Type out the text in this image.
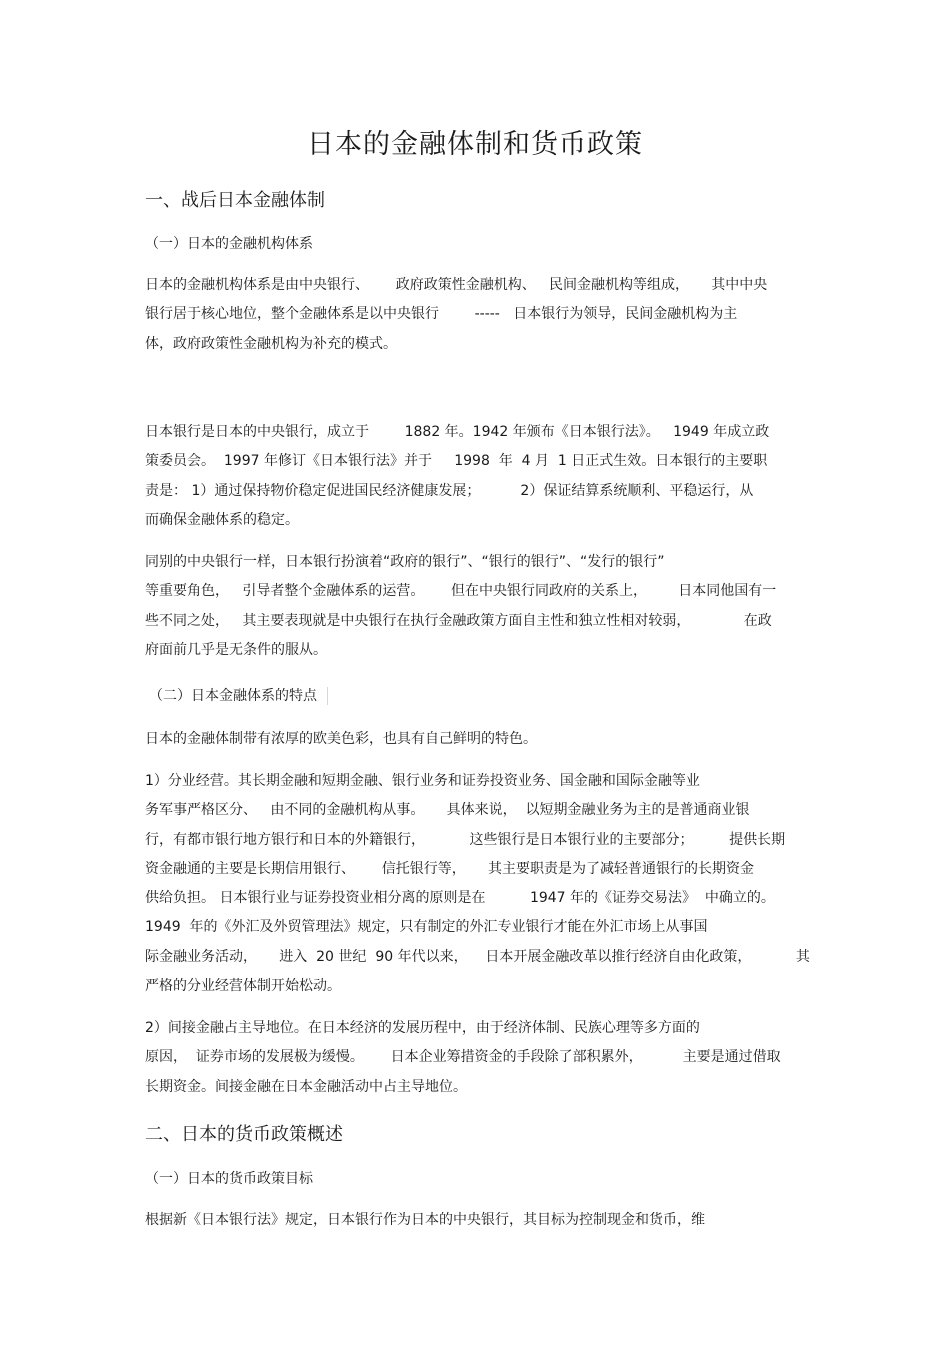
日本的金融体制和货币政策
一、战后日本金融体制
（一）日本的金融机构体系
日本的金融机构体系是由中央银行、      政府政策性金融机构、   民间金融机构等组成，     其中中央
银行居于核心地位，整个金融体系是以中央银行        -----   日本银行为领导，民间金融机构为主
体，政府政策性金融机构为补充的模式。
日本银行是日本的中央银行，成立于        1882 年。1942 年颁布《日本银行法》。   1949 年成立政
策委员会。  1997 年修订《日本银行法》并于     1998  年  4 月  1 日正式生效。日本银行的主要职
责是： 1）通过保持物价稳定促进国民经济健康发展；         2）保证结算系统顺利、平稳运行，从
而确保金融体系的稳定。
同别的中央银行一样，日本银行扮演着“政府的银行”、“银行的银行”、“发行的银行”
等重要角色，   引导者整个金融体系的运营。      但在中央银行同政府的关系上，       日本同他国有一
些不同之处，   其主要表现就是中央银行在执行金融政策方面自主性和独立性相对较弱，            在政
府面前几乎是无条件的服从。
（二）日本金融体系的特点
日本的金融体制带有浓厚的欧美色彩，也具有自己鲜明的特色。
1）分业经营。其长期金融和短期金融、银行业务和证券投资业务、国金融和国际金融等业
务军事严格区分、   由不同的金融机构从事。     具体来说，  以短期金融业务为主的是普通商业银
行，有都市银行地方银行和日本的外籍银行，          这些银行是日本银行业的主要部分；        提供长期
资金融通的主要是长期信用银行、      信托银行等，     其主要职责是为了减轻普通银行的长期资金
供给负担。 日本银行业与证券投资业相分离的原则是在          1947 年的《证券交易法》  中确立的。
1949  年的《外汇及外贸管理法》规定，只有制定的外汇专业银行才能在外汇市场上从事国
际金融业务活动，     进入  20 世纪  90 年代以来，    日本开展金融改革以推行经济自由化政策，          其
严格的分业经营体制开始松动。
2）间接金融占主导地位。在日本经济的发展历程中，由于经济体制、民族心理等多方面的
原因，  证券市场的发展极为缓慢。      日本企业筹措资金的手段除了部积累外，         主要是通过借取
长期资金。间接金融在日本金融活动中占主导地位。
二、日本的货币政策概述
（一）日本的货币政策目标
根据新《日本银行法》规定，日本银行作为日本的中央银行，其目标为控制现金和货币，维
